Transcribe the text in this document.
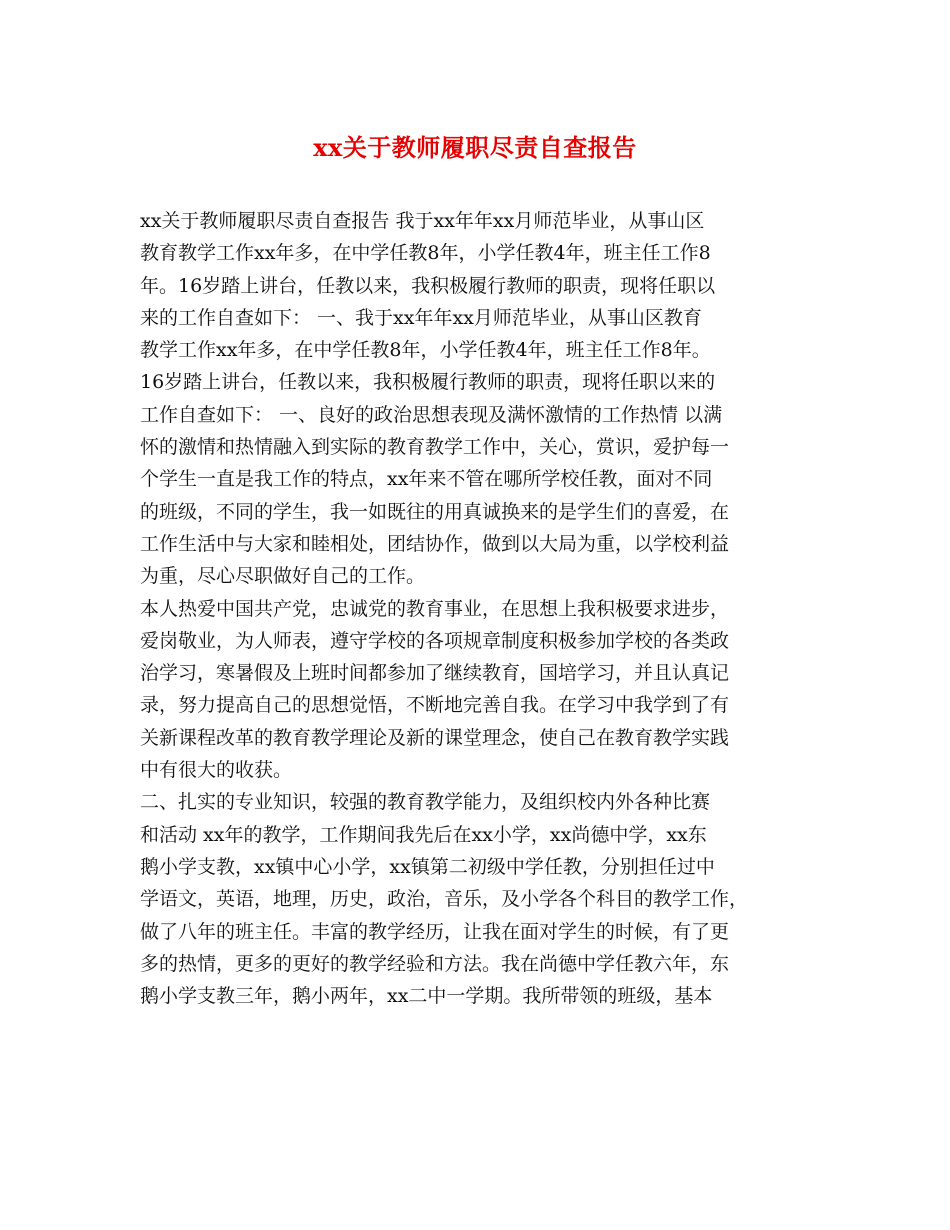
xx关于教师履职尽责自查报告
xx关于教师履职尽责自查报告 我于xx年年xx月师范毕业，从事山区
教育教学工作xx年多，在中学任教8年，小学任教4年，班主任工作8
年。16岁踏上讲台，任教以来，我积极履行教师的职责，现将任职以
来的工作自查如下： 一、我于xx年年xx月师范毕业，从事山区教育
教学工作xx年多，在中学任教8年，小学任教4年，班主任工作8年。
16岁踏上讲台，任教以来，我积极履行教师的职责，现将任职以来的
工作自查如下： 一、良好的政治思想表现及满怀激情的工作热情 以满
怀的激情和热情融入到实际的教育教学工作中，关心，赏识，爱护每一
个学生一直是我工作的特点，xx年来不管在哪所学校任教，面对不同
的班级，不同的学生，我一如既往的用真诚换来的是学生们的喜爱，在
工作生活中与大家和睦相处，团结协作，做到以大局为重，以学校利益
为重，尽心尽职做好自己的工作。
本人热爱中国共产党，忠诚党的教育事业，在思想上我积极要求进步，
爱岗敬业，为人师表，遵守学校的各项规章制度积极参加学校的各类政
治学习，寒暑假及上班时间都参加了继续教育，国培学习，并且认真记
录，努力提高自己的思想觉悟，不断地完善自我。在学习中我学到了有
关新课程改革的教育教学理论及新的课堂理念，使自己在教育教学实践
中有很大的收获。
二、扎实的专业知识，较强的教育教学能力，及组织校内外各种比赛
和活动 xx年的教学，工作期间我先后在xx小学，xx尚德中学，xx东
鹅小学支教，xx镇中心小学，xx镇第二初级中学任教，分别担任过中
学语文，英语，地理，历史，政治，音乐，及小学各个科目的教学工作，
做了八年的班主任。丰富的教学经历，让我在面对学生的时候，有了更
多的热情，更多的更好的教学经验和方法。我在尚德中学任教六年，东
鹅小学支教三年，鹅小两年，xx二中一学期。我所带领的班级，基本
